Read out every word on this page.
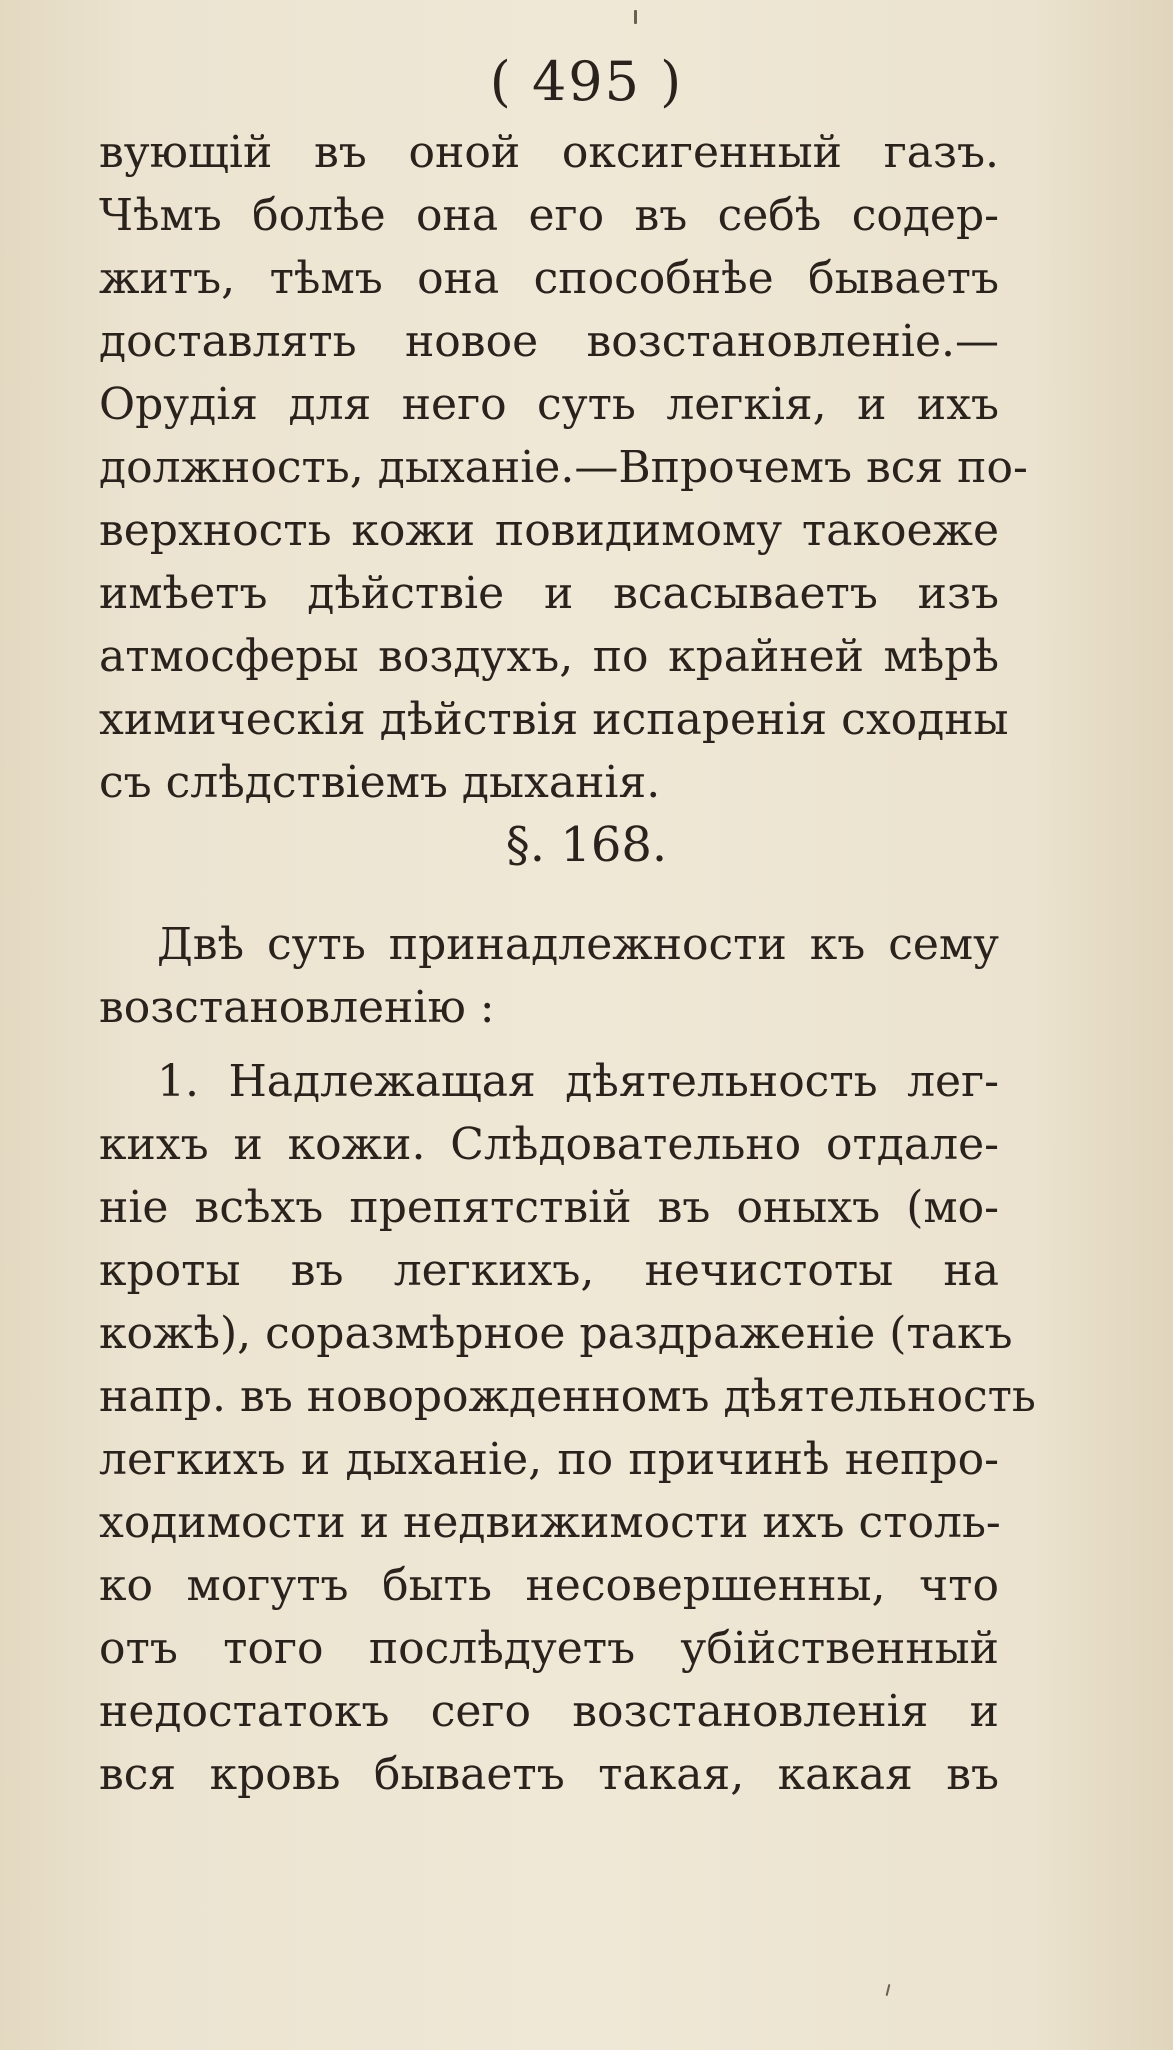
( 495 )
вующій въ оной оксигенный газъ.
Чѣмъ болѣе она его въ себѣ содер-
житъ, тѣмъ она способнѣе бываетъ
доставлять новое возстановленіе.—
Орудія для него суть легкія, и ихъ
должность, дыханіе.—Впрочемъ вся по-
верхность кожи повидимому такоеже
имѣетъ дѣйствіе и всасываетъ изъ
атмосферы воздухъ, по крайней мѣрѣ
химическія дѣйствія испаренія сходны
съ слѣдствіемъ дыханія.
§. 168.
Двѣ суть принадлежности къ сему
возстановленію :
1. Надлежащая дѣятельность лег-
кихъ и кожи. Слѣдовательно отдале-
ніе всѣхъ препятствій въ оныхъ (мо-
кроты въ легкихъ, нечистоты на
кожѣ), соразмѣрное раздраженіе (такъ
напр. въ новорожденномъ дѣятельность
легкихъ и дыханіе, по причинѣ непро-
ходимости и недвижимости ихъ столь-
ко могутъ быть несовершенны, что
отъ того послѣдуетъ убійственный
недостатокъ сего возстановленія и
вся кровь бываетъ такая, какая въ
